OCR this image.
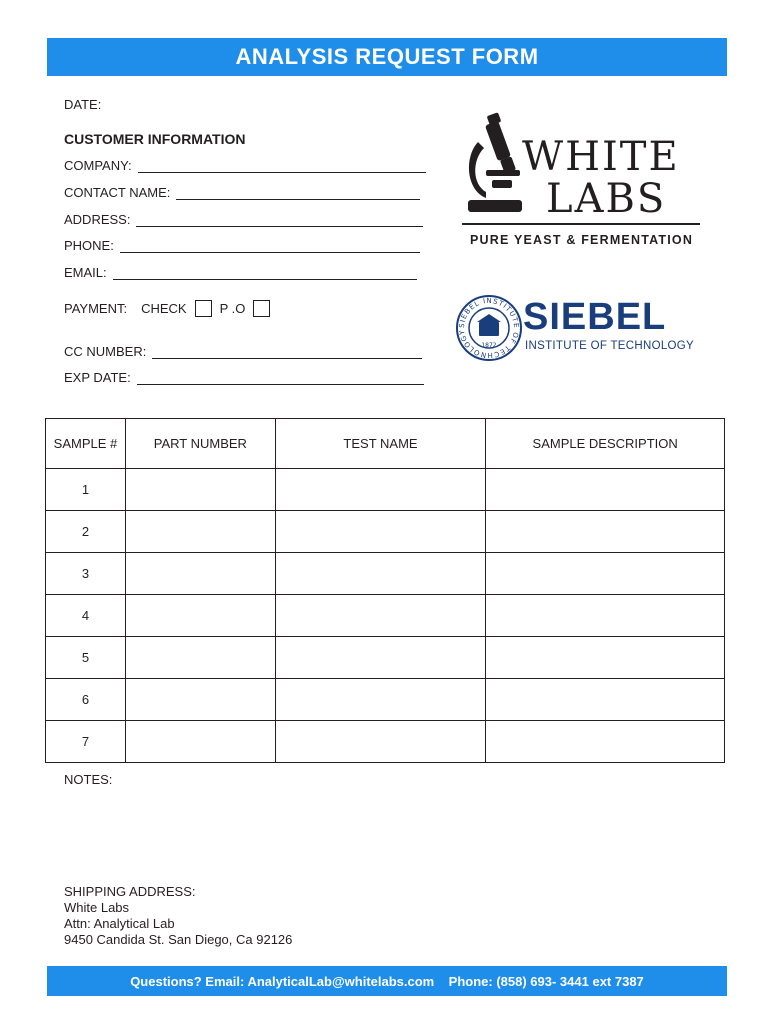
ANALYSIS REQUEST FORM
DATE:
CUSTOMER INFORMATION
COMPANY:
CONTACT NAME:
ADDRESS:
PHONE:
EMAIL:
PAYMENT: CHECK	P .O
CC NUMBER:
EXP DATE:
WHITE
LABS
PURE YEAST & FERMENTATION
SIEBEL INSTITUTE OF TECHNOLOGY
1872
SIEBEL
INSTITUTE OF TECHNOLOGY
SAMPLE #	PART NUMBER	TEST NAME	SAMPLE DESCRIPTION
1			
2			
3			
4			
5			
6			
7			
NOTES:
SHIPPING ADDRESS:
White Labs
Attn: Analytical Lab
9450 Candida St. San Diego, Ca 92126
Questions? Email: AnalyticalLab@whitelabs.com    Phone: (858) 693- 3441 ext 7387
